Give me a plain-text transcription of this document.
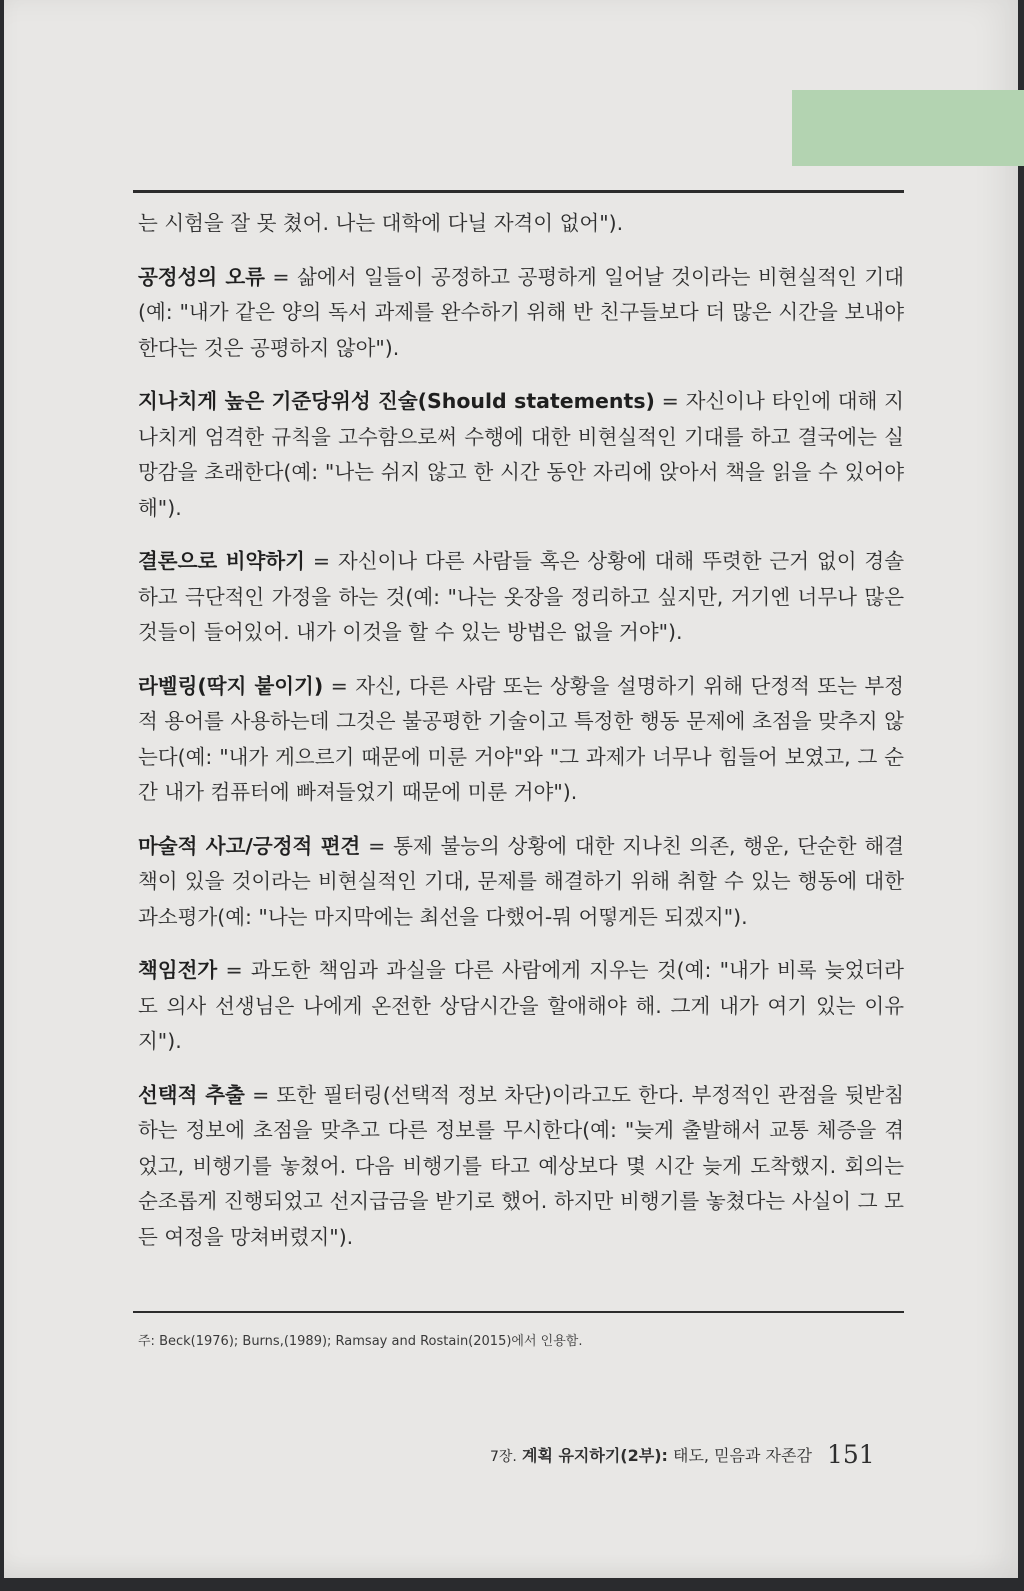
는 시험을 잘 못 쳤어. 나는 대학에 다닐 자격이 없어").

공정성의 오류 = 삶에서 일들이 공정하고 공평하게 일어날 것이라는 비현실적인 기대(예: "내가 같은 양의 독서 과제를 완수하기 위해 반 친구들보다 더 많은 시간을 보내야 한다는 것은 공평하지 않아").

지나치게 높은 기준당위성 진술(Should statements) = 자신이나 타인에 대해 지나치게 엄격한 규칙을 고수함으로써 수행에 대한 비현실적인 기대를 하고 결국에는 실망감을 초래한다(예: "나는 쉬지 않고 한 시간 동안 자리에 앉아서 책을 읽을 수 있어야 해").

결론으로 비약하기 = 자신이나 다른 사람들 혹은 상황에 대해 뚜렷한 근거 없이 경솔하고 극단적인 가정을 하는 것(예: "나는 옷장을 정리하고 싶지만, 거기엔 너무나 많은 것들이 들어있어. 내가 이것을 할 수 있는 방법은 없을 거야").

라벨링(딱지 붙이기) = 자신, 다른 사람 또는 상황을 설명하기 위해 단정적 또는 부정적 용어를 사용하는데 그것은 불공평한 기술이고 특정한 행동 문제에 초점을 맞추지 않는다(예: "내가 게으르기 때문에 미룬 거야"와 "그 과제가 너무나 힘들어 보였고, 그 순간 내가 컴퓨터에 빠져들었기 때문에 미룬 거야").

마술적 사고/긍정적 편견 = 통제 불능의 상황에 대한 지나친 의존, 행운, 단순한 해결책이 있을 것이라는 비현실적인 기대, 문제를 해결하기 위해 취할 수 있는 행동에 대한 과소평가(예: "나는 마지막에는 최선을 다했어-뭐 어떻게든 되겠지").

책임전가 = 과도한 책임과 과실을 다른 사람에게 지우는 것(예: "내가 비록 늦었더라도 의사 선생님은 나에게 온전한 상담시간을 할애해야 해. 그게 내가 여기 있는 이유지").

선택적 추출 = 또한 필터링(선택적 정보 차단)이라고도 한다. 부정적인 관점을 뒷받침하는 정보에 초점을 맞추고 다른 정보를 무시한다(예: "늦게 출발해서 교통 체증을 겪었고, 비행기를 놓쳤어. 다음 비행기를 타고 예상보다 몇 시간 늦게 도착했지. 회의는 순조롭게 진행되었고 선지급금을 받기로 했어. 하지만 비행기를 놓쳤다는 사실이 그 모든 여정을 망쳐버렸지").

주: Beck(1976); Burns,(1989); Ramsay and Rostain(2015)에서 인용함.
7장. 계획 유지하기(2부): 태도, 믿음과 자존감 151
